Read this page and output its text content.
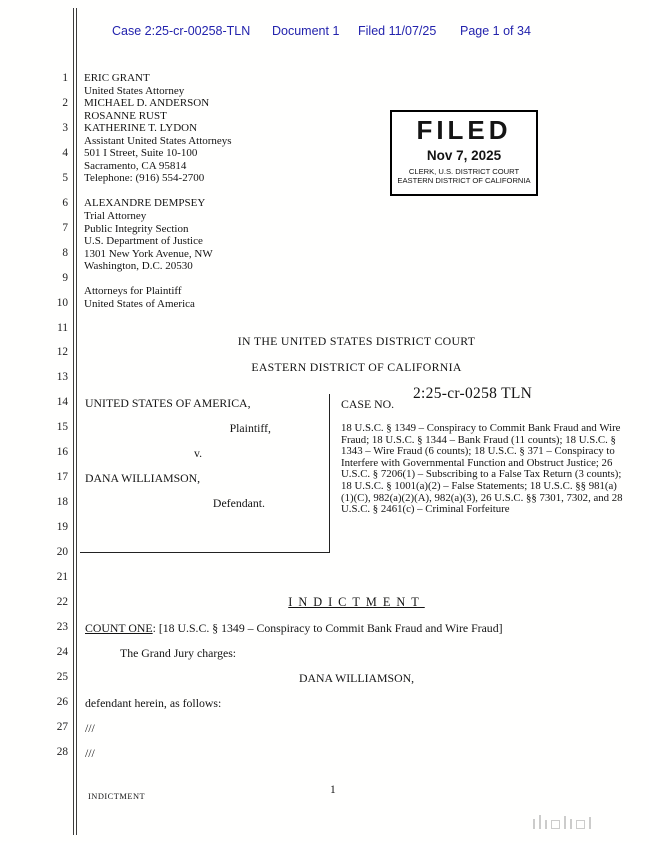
Case 2:25-cr-00258-TLN Document 1 Filed 11/07/25 Page 1 of 34
1
2
3
4
5
6
7
8
9
10
11
12
13
14
15
16
17
18
19
20
21
22
23
24
25
26
27
28
ERIC GRANT
United States Attorney
MICHAEL D. ANDERSON
ROSANNE RUST
KATHERINE T. LYDON
Assistant United States Attorneys
501 I Street, Suite 10-100
Sacramento, CA 95814
Telephone: (916) 554-2700

ALEXANDRE DEMPSEY
Trial Attorney
Public Integrity Section
U.S. Department of Justice
1301 New York Avenue, NW
Washington, D.C. 20530

Attorneys for Plaintiff
United States of America
FILED
Nov 7, 2025
CLERK, U.S. DISTRICT COURT
EASTERN DISTRICT OF CALIFORNIA
IN THE UNITED STATES DISTRICT COURT
EASTERN DISTRICT OF CALIFORNIA
UNITED STATES OF AMERICA,
Plaintiff,
v.
DANA WILLIAMSON,
Defendant.
CASE NO.
2:25-cr-0258 TLN
18 U.S.C. § 1349 – Conspiracy to Commit Bank Fraud and Wire Fraud; 18 U.S.C. § 1344 – Bank Fraud (11 counts); 18 U.S.C. § 1343 – Wire Fraud (6 counts); 18 U.S.C. § 371 – Conspiracy to Interfere with Governmental Function and Obstruct Justice; 26 U.S.C. § 7206(1) – Subscribing to a False Tax Return (3 counts); 18 U.S.C. § 1001(a)(2) – False Statements; 18 U.S.C. §§ 981(a)(1)(C), 982(a)(2)(A), 982(a)(3), 26 U.S.C. §§ 7301, 7302, and 28 U.S.C. § 2461(c) – Criminal Forfeiture
INDICTMENT
COUNT ONE: [18 U.S.C. § 1349 – Conspiracy to Commit Bank Fraud and Wire Fraud]
The Grand Jury charges:
DANA WILLIAMSON,
defendant herein, as follows:
///
///
INDICTMENT
1
